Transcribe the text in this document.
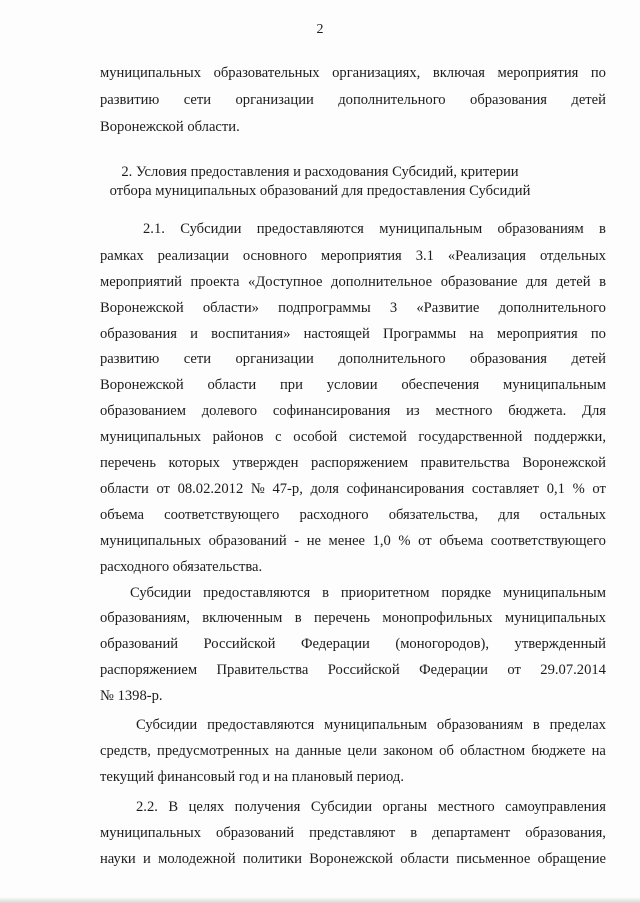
2
муниципальных образовательных организациях, включая мероприятия по
развитию сети организации дополнительного образования детей
Воронежской области.
2. Условия предоставления и расходования Субсидий, критерии
отбора муниципальных образований для предоставления Субсидий
2.1. Субсидии предоставляются муниципальным образованиям в
рамках реализации основного мероприятия 3.1 «Реализация отдельных
мероприятий проекта «Доступное дополнительное образование для детей в
Воронежской области» подпрограммы 3 «Развитие дополнительного
образования и воспитания» настоящей Программы на мероприятия по
развитию сети организации дополнительного образования детей
Воронежской области при условии обеспечения муниципальным
образованием долевого софинансирования из местного бюджета. Для
муниципальных районов с особой системой государственной поддержки,
перечень которых утвержден распоряжением правительства Воронежской
области от 08.02.2012 № 47-р, доля софинансирования составляет 0,1 % от
объема соответствующего расходного обязательства, для остальных
муниципальных образований - не менее 1,0 % от объема соответствующего
расходного обязательства.
Субсидии предоставляются в приоритетном порядке муниципальным
образованиям, включенным в перечень монопрофильных муниципальных
образований Российской Федерации (моногородов), утвержденный
распоряжением Правительства Российской Федерации от 29.07.2014
№ 1398-р.
Субсидии предоставляются муниципальным образованиям в пределах
средств, предусмотренных на данные цели законом об областном бюджете на
текущий финансовый год и на плановый период.
2.2. В целях получения Субсидии органы местного самоуправления
муниципальных образований представляют в департамент образования,
науки и молодежной политики Воронежской области письменное обращение
